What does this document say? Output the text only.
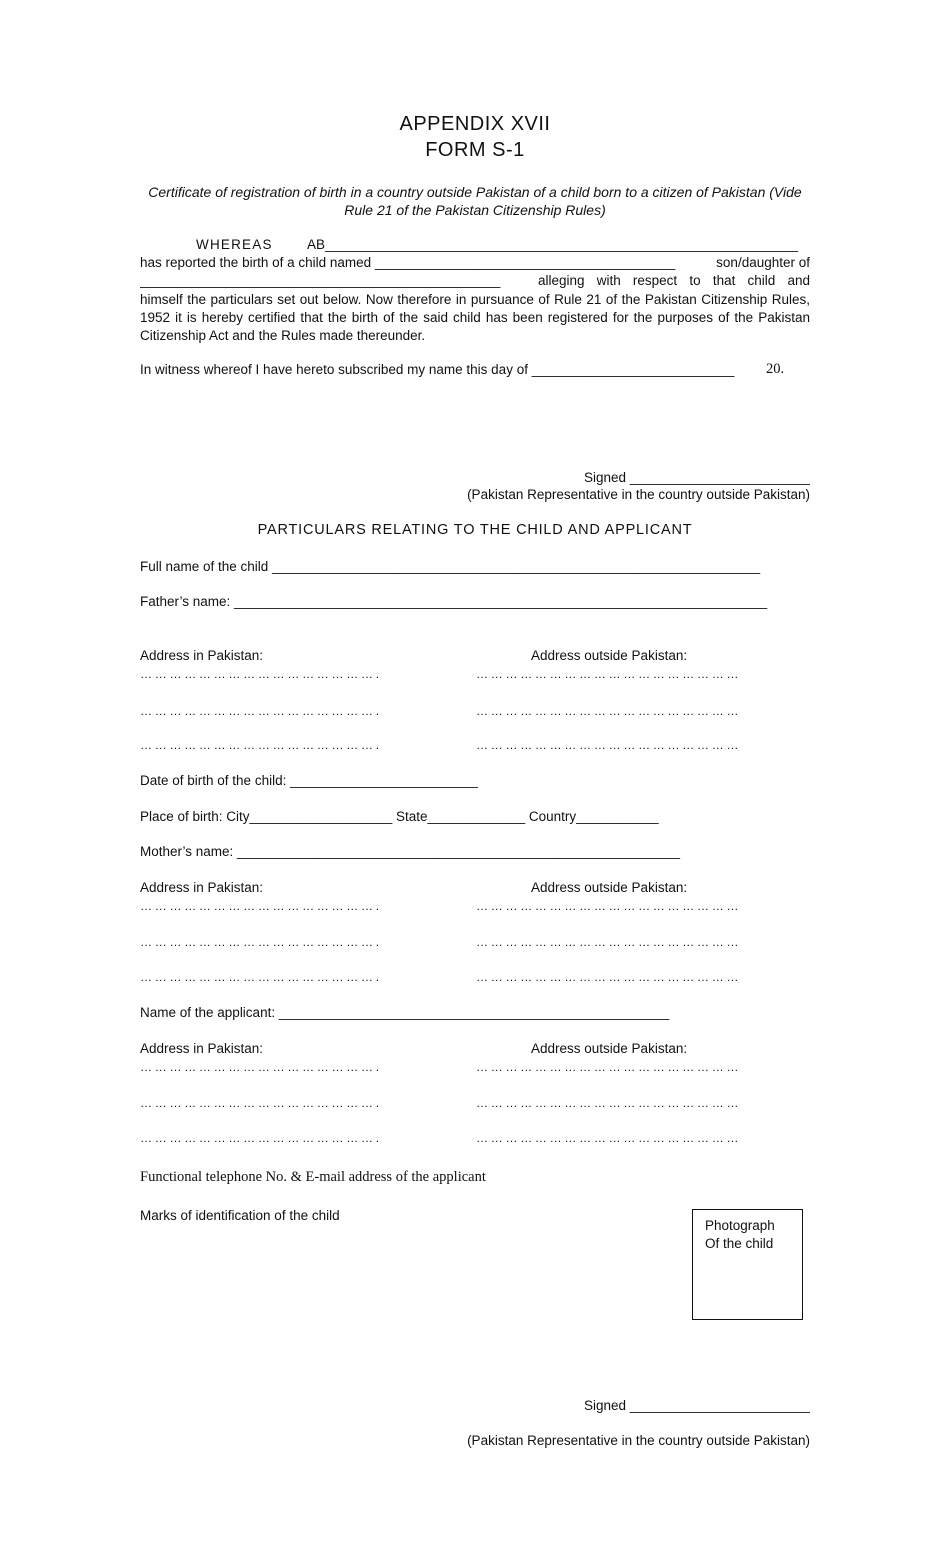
APPENDIX XVII
FORM S-1
Certificate of registration of birth in a country outside Pakistan of a child born to a citizen of Pakistan (Vide Rule 21 of the Pakistan Citizenship Rules)
WHEREAS	AB_______________________________________________________________
has reported the birth of a child named ________________________________________	son/daughter of
________________________________________________	alleging with respect to that child and
himself the particulars set out below. Now therefore in pursuance of Rule 21 of the Pakistan Citizenship Rules, 1952 it is hereby certified that the birth of the said child has been registered for the purposes of the Pakistan Citizenship Act and the Rules made thereunder.
In witness whereof I have hereto subscribed my name this day of ___________________________	20.
Signed ________________________
(Pakistan Representative in the country outside Pakistan)
PARTICULARS RELATING TO THE CHILD AND APPLICANT
Full name of the child _________________________________________________________________
Father’s name: _______________________________________________________________________
Address in Pakistan:	Address outside Pakistan:
… … … … … … … … … … … … … … … … .	… … … … … … … … … … … … … … … … … …
… … … … … … … … … … … … … … … … .	… … … … … … … … … … … … … … … … … …
… … … … … … … … … … … … … … … … .	… … … … … … … … … … … … … … … … … …
Date of birth of the child: _________________________
Place of birth: City___________________ State_____________ Country___________
Mother’s name: ___________________________________________________________
Address in Pakistan:	Address outside Pakistan:
… … … … … … … … … … … … … … … … .	… … … … … … … … … … … … … … … … … …
… … … … … … … … … … … … … … … … .	… … … … … … … … … … … … … … … … … …
… … … … … … … … … … … … … … … … .	… … … … … … … … … … … … … … … … … …
Name of the applicant: ____________________________________________________
Address in Pakistan:	Address outside Pakistan:
… … … … … … … … … … … … … … … … .	… … … … … … … … … … … … … … … … … …
… … … … … … … … … … … … … … … … .	… … … … … … … … … … … … … … … … … …
… … … … … … … … … … … … … … … … .	… … … … … … … … … … … … … … … … … …
Functional telephone No. & E-mail address of the applicant
Marks of identification of the child
Photograph
Of the child
Signed ________________________
(Pakistan Representative in the country outside Pakistan)
